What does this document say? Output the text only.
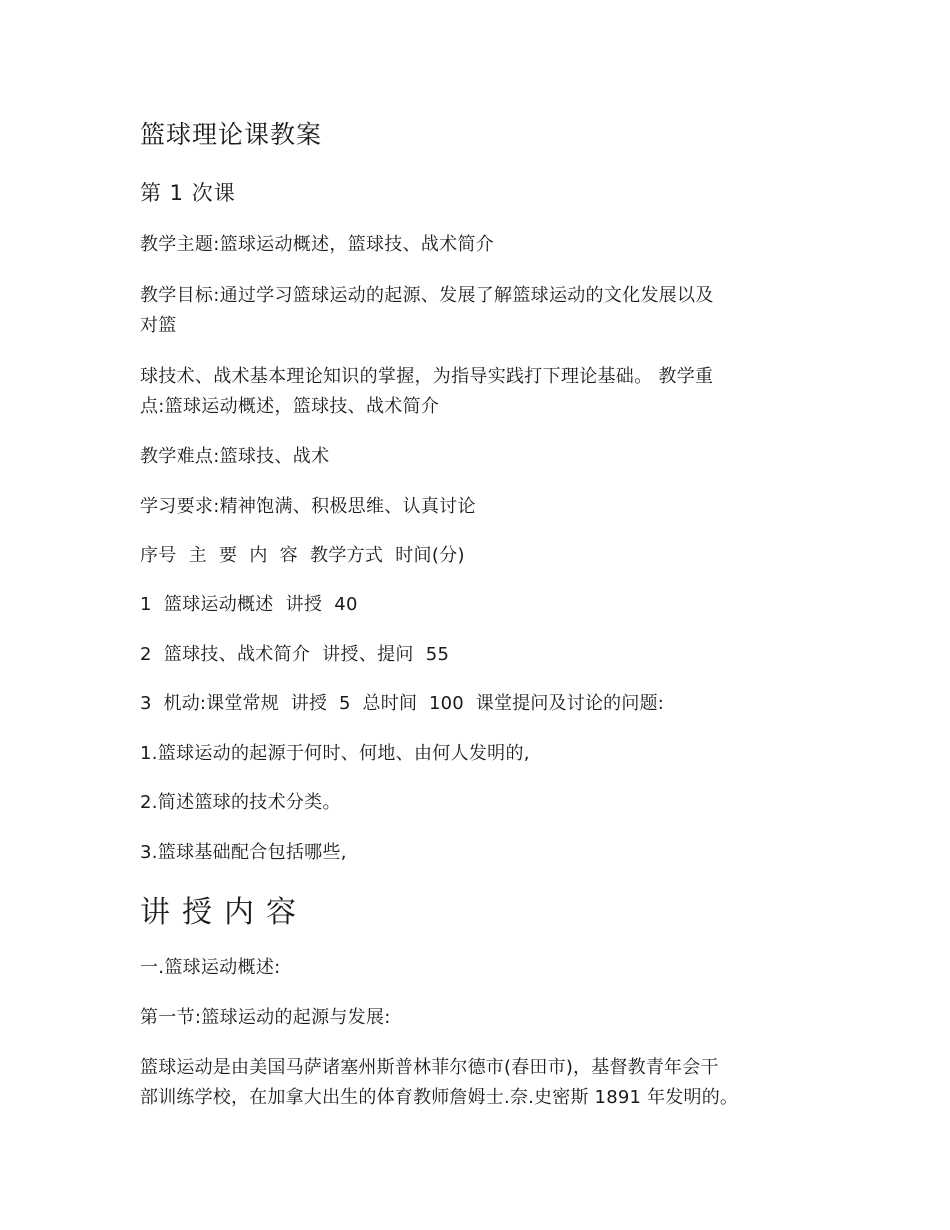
篮球理论课教案
第 1 次课
教学主题:篮球运动概述，篮球技、战术简介
教学目标:通过学习篮球运动的起源、发展了解篮球运动的文化发展以及
对篮
球技术、战术基本理论知识的掌握，为指导实践打下理论基础。 教学重
点:篮球运动概述，篮球技、战术简介
教学难点:篮球技、战术
学习要求:精神饱满、积极思维、认真讨论
序号  主  要  内  容  教学方式  时间(分)
1  篮球运动概述  讲授  40
2  篮球技、战术简介  讲授、提问  55
3  机动:课堂常规  讲授  5  总时间  100  课堂提问及讨论的问题:
1.篮球运动的起源于何时、何地、由何人发明的,
2.简述篮球的技术分类。
3.篮球基础配合包括哪些,
讲授内容
一.篮球运动概述:
第一节:篮球运动的起源与发展:
篮球运动是由美国马萨诸塞州斯普林菲尔德市(春田市)，基督教青年会干
部训练学校，在加拿大出生的体育教师詹姆士.奈.史密斯 1891 年发明的。
